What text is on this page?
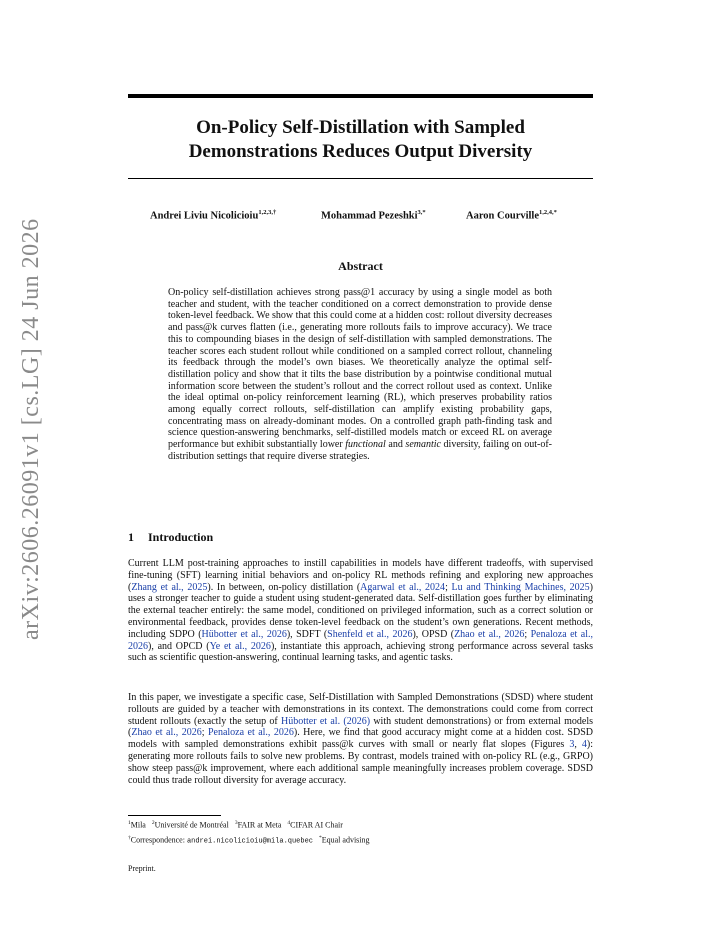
arXiv:2606.26091v1 [cs.LG] 24 Jun 2026
On-Policy Self-Distillation with Sampled
Demonstrations Reduces Output Diversity
Andrei Liviu Nicolicioiu$^{1,2,3,\dagger}$	Mohammad Pezeshki$^{3,*}$	Aaron Courville$^{1,2,4,*}$
Abstract

On-policy self-distillation achieves strong pass@1 accuracy by using a single model as both teacher and student, with the teacher conditioned on a correct demonstration to provide dense token-level feedback. We show that this could come at a hidden cost: rollout diversity decreases and pass@k curves flatten (i.e., generating more rollouts fails to improve accuracy). We trace this to compounding biases in the design of self-distillation with sampled demonstrations. The teacher scores each student rollout while conditioned on a sampled correct rollout, channeling its feedback through the model’s own biases. We theoretically analyze the optimal self-distillation policy and show that it tilts the base distribution by a pointwise conditional mutual information score between the student’s rollout and the correct rollout used as context. Unlike the ideal optimal on-policy reinforcement learning (RL), which preserves probability ratios among equally correct rollouts, self-distillation can amplify existing probability gaps, concentrating mass on already-dominant modes. On a controlled graph path-finding task and science question-answering benchmarks, self-distilled models match or exceed RL on average performance but exhibit substantially lower functional and semantic diversity, failing on out-of-distribution settings that require diverse strategies.

1 Introduction

Current LLM post-training approaches to instill capabilities in models have different tradeoffs, with supervised fine-tuning (SFT) learning initial behaviors and on-policy RL methods refining and exploring new approaches (Zhang et al., 2025). In between, on-policy distillation (Agarwal et al., 2024; Lu and Thinking Machines, 2025) uses a stronger teacher to guide a student using student-generated data. Self-distillation goes further by eliminating the external teacher entirely: the same model, conditioned on privileged information, such as a correct solution or environmental feedback, provides dense token-level feedback on the student’s own generations. Recent methods, including SDPO (Hübotter et al., 2026), SDFT (Shenfeld et al., 2026), OPSD (Zhao et al., 2026; Penaloza et al., 2026), and OPCD (Ye et al., 2026), instantiate this approach, achieving strong performance across several tasks such as scientific question-answering, continual learning tasks, and agentic tasks.

In this paper, we investigate a specific case, Self-Distillation with Sampled Demonstrations (SDSD) where student rollouts are guided by a teacher with demonstrations in its context. The demonstrations could come from correct student rollouts (exactly the setup of Hübotter et al. (2026) with student demonstrations) or from external models (Zhao et al., 2026; Penaloza et al., 2026). Here, we find that good accuracy might come at a hidden cost. SDSD models with sampled demonstrations exhibit pass@k curves with small or nearly flat slopes (Figures 3, 4): generating more rollouts fails to solve new problems. By contrast, models trained with on-policy RL (e.g., GRPO) show steep pass@k improvement, where each additional sample meaningfully increases problem coverage. SDSD could thus trade rollout diversity for average accuracy.

$^1$Mila $^2$Université de Montréal $^3$FAIR at Meta $^4$CIFAR AI Chair
†Correspondence: andrei.nicolicioiu@mila.quebec *Equal advising
Preprint.
